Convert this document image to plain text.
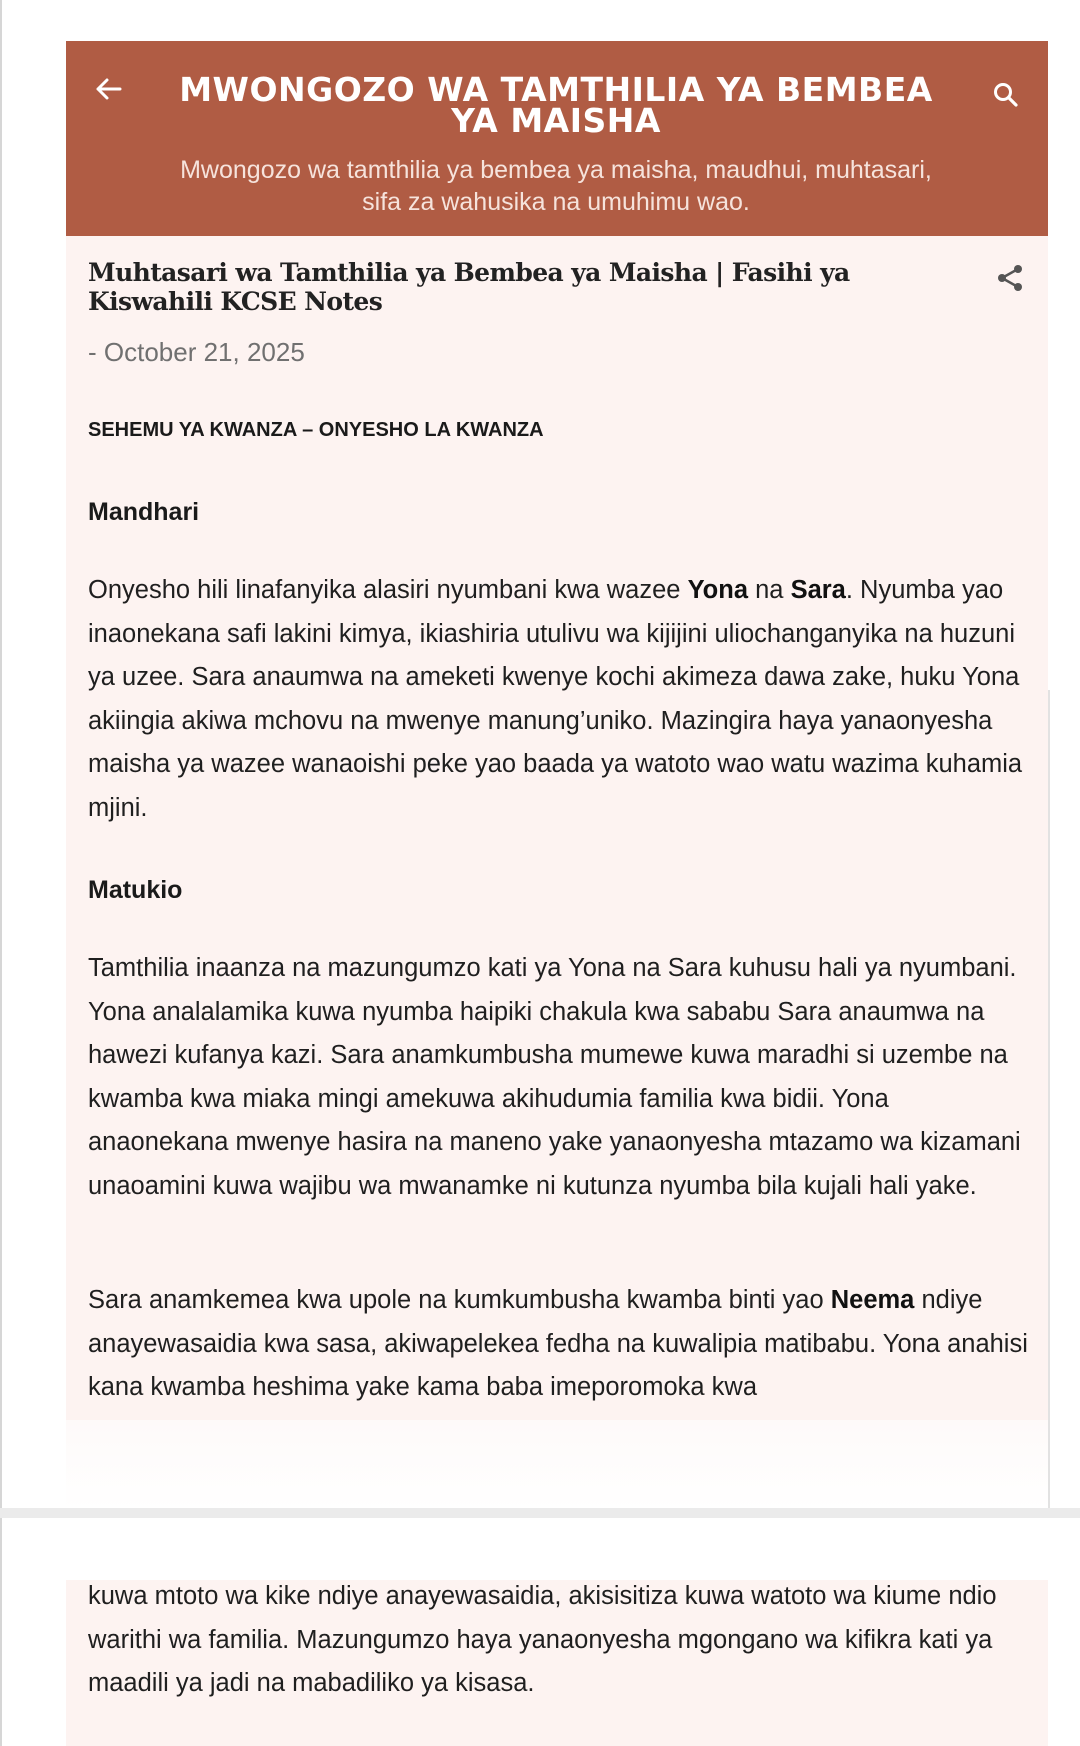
MWONGOZO WA TAMTHILIA YA BEMBEA YA MAISHA
Mwongozo wa tamthilia ya bembea ya maisha, maudhui, muhtasari, sifa za wahusika na umuhimu wao.
Muhtasari wa Tamthilia ya Bembea ya Maisha | Fasihi ya Kiswahili KCSE Notes
- October 21, 2025
SEHEMU YA KWANZA – ONYESHO LA KWANZA
Mandhari

Onyesho hili linafanyika alasiri nyumbani kwa wazee Yona na Sara. Nyumba yao inaonekana safi lakini kimya, ikiashiria utulivu wa kijijini uliochanganyika na huzuni ya uzee. Sara anaumwa na ameketi kwenye kochi akimeza dawa zake, huku Yona akiingia akiwa mchovu na mwenye manung’uniko. Mazingira haya yanaonyesha maisha ya wazee wanaoishi peke yao baada ya watoto wao watu wazima kuhamia mjini.

Matukio

Tamthilia inaanza na mazungumzo kati ya Yona na Sara kuhusu hali ya nyumbani. Yona analalamika kuwa nyumba haipiki chakula kwa sababu Sara anaumwa na hawezi kufanya kazi. Sara anamkumbusha mumewe kuwa maradhi si uzembe na kwamba kwa miaka mingi amekuwa akihudumia familia kwa bidii. Yona anaonekana mwenye hasira na maneno yake yanaonyesha mtazamo wa kizamani unaoamini kuwa wajibu wa mwanamke ni kutunza nyumba bila kujali hali yake.

Sara anamkemea kwa upole na kumkumbusha kwamba binti yao Neema ndiye anayewasaidia kwa sasa, akiwapelekea fedha na kuwalipia matibabu. Yona anahisi kana kwamba heshima yake kama baba imeporomoka kwa

kuwa mtoto wa kike ndiye anayewasaidia, akisisitiza kuwa watoto wa kiume ndio warithi wa familia. Mazungumzo haya yanaonyesha mgongano wa kifikra kati ya maadili ya jadi na mabadiliko ya kisasa.
